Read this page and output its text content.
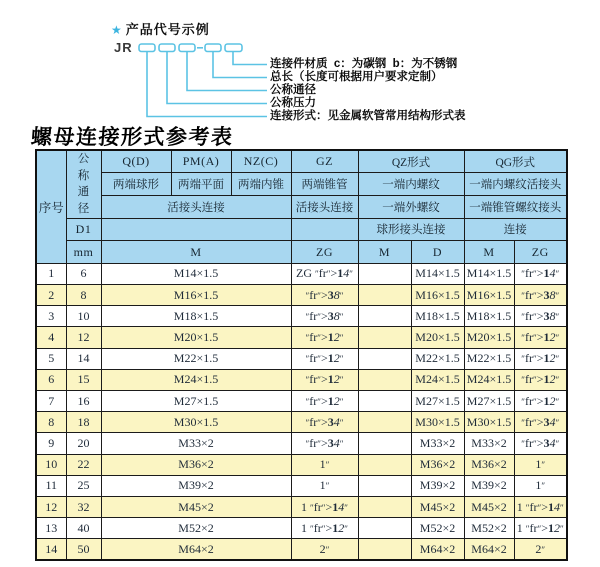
★ 产品代号示例
JR
连接件材质  c：为碳钢  b：为不锈钢
总长（长度可根据用户要求定制）
公称通径
公称压力
连接形式：见金属软管常用结构形式表
螺母连接形式参考表
序号	公称通径	Q(D)	PM(A)	NZ(C)	GZ	QZ形式		QG形式	
		两端球形	两端平面	两端内锥	两端锥管	一端内螺纹		一端内螺纹活接头	
		活接头连接			活接头连接	一端外螺纹		一端锥管螺纹接头	
	D1					球形接头连接		连接	
	mm	M			ZG	M	D	M	ZG
1	6	M14×1.5			ZG ″fr″>14″		M14×1.5	M14×1.5	″fr″>14″
2	8	M16×1.5			″fr″>38″		M16×1.5	M16×1.5	″fr″>38″
3	10	M18×1.5			″fr″>38″		M18×1.5	M18×1.5	″fr″>38″
4	12	M20×1.5			″fr″>12″		M20×1.5	M20×1.5	″fr″>12″
5	14	M22×1.5			″fr″>12″		M22×1.5	M22×1.5	″fr″>12″
6	15	M24×1.5			″fr″>12″		M24×1.5	M24×1.5	″fr″>12″
7	16	M27×1.5			″fr″>12″		M27×1.5	M27×1.5	″fr″>12″
8	18	M30×1.5			″fr″>34″		M30×1.5	M30×1.5	″fr″>34″
9	20	M33×2			″fr″>34″		M33×2	M33×2	″fr″>34″
10	22	M36×2			1″		M36×2	M36×2	1″
11	25	M39×2			1″		M39×2	M39×2	1″
12	32	M45×2			1 ″fr″>14″		M45×2	M45×2	1 ″fr″>14″
13	40	M52×2			1 ″fr″>12″		M52×2	M52×2	1 ″fr″>12″
14	50	M64×2			2″		M64×2	M64×2	2″
